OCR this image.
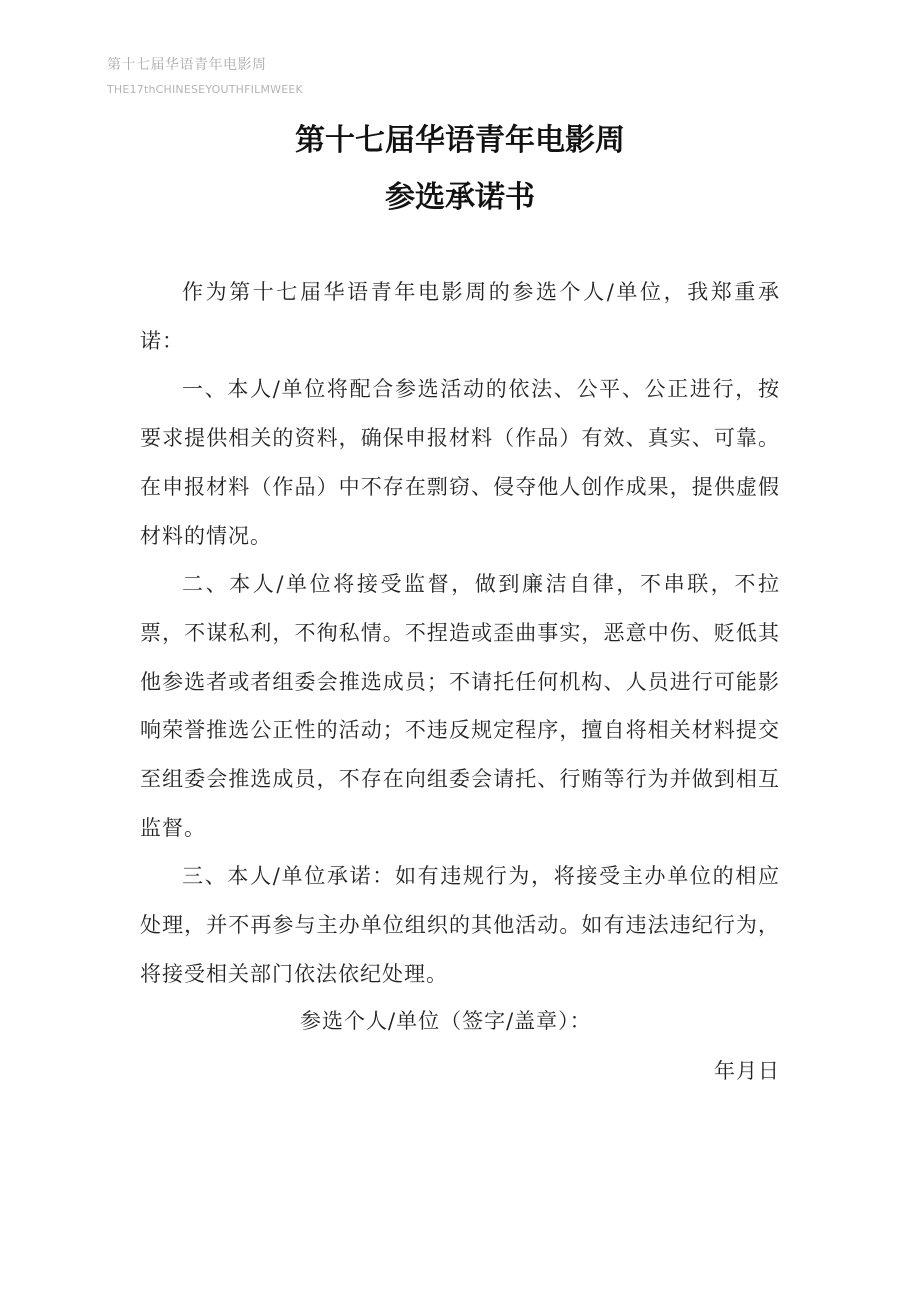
第十七届华语青年电影周
THE17thCHINESEYOUTHFILMWEEK
第十七届华语青年电影周
参选承诺书

作为第十七届华语青年电影周的参选个人/单位，我郑重承诺：

一、本人/单位将配合参选活动的依法、公平、公正进行，按要求提供相关的资料，确保申报材料（作品）有效、真实、可靠。在申报材料（作品）中不存在剽窃、侵夺他人创作成果，提供虚假材料的情况。

二、本人/单位将接受监督，做到廉洁自律，不串联，不拉票，不谋私利，不徇私情。不捏造或歪曲事实，恶意中伤、贬低其他参选者或者组委会推选成员；不请托任何机构、人员进行可能影响荣誉推选公正性的活动；不违反规定程序，擅自将相关材料提交至组委会推选成员，不存在向组委会请托、行贿等行为并做到相互监督。

三、本人/单位承诺：如有违规行为，将接受主办单位的相应处理，并不再参与主办单位组织的其他活动。如有违法违纪行为，将接受相关部门依法依纪处理。

参选个人/单位（签字/盖章）：
年月日
